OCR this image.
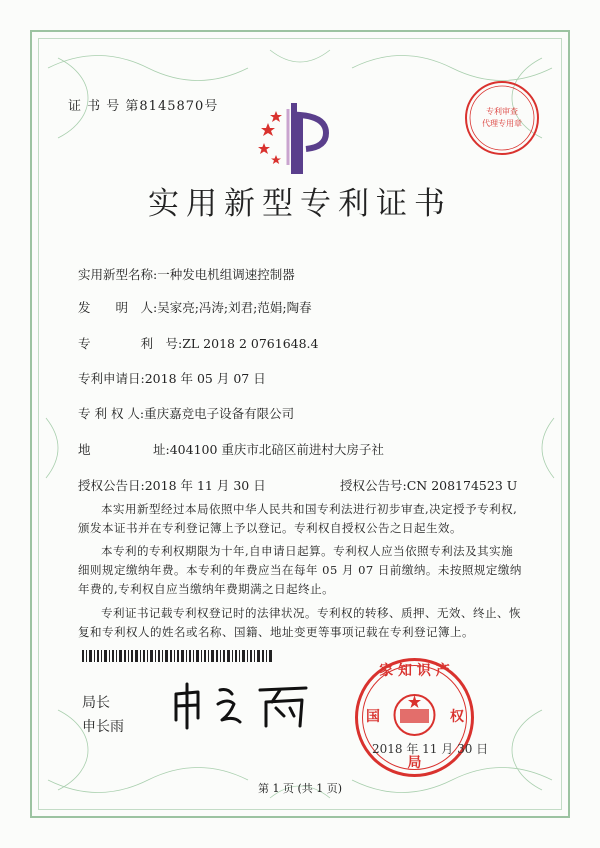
证 书 号 第8145870号
实用新型专利证书
专利审查
代理专用章
实用新型名称:一种发电机组调速控制器
发　　明　人:吴家亮;冯涛;刘君;范娟;陶春
专　　　　利　号:ZL 2018 2 0761648.4
专利申请日:2018 年 05 月 07 日
专 利 权 人:重庆嘉竞电子设备有限公司
地　　　　　址:404100 重庆市北碚区前进村大房子社
授权公告日:2018 年 11 月 30 日	授权公告号:CN 208174523 U
本实用新型经过本局依照中华人民共和国专利法进行初步审查,决定授予专利权,颁发本证书并在专利登记簿上予以登记。专利权自授权公告之日起生效。
本专利的专利权期限为十年,自申请日起算。专利权人应当依照专利法及其实施细则规定缴纳年费。本专利的年费应当在每年 05 月 07 日前缴纳。未按照规定缴纳年费的,专利权自应当缴纳年费期满之日起终止。
专利证书记载专利权登记时的法律状况。专利权的转移、质押、无效、终止、恢复和专利权人的姓名或名称、国籍、地址变更等事项记载在专利登记簿上。
局长
申长雨
家 知 识 产
国	权
局
2018 年 11 月 30 日
第 1 页 (共 1 页)
